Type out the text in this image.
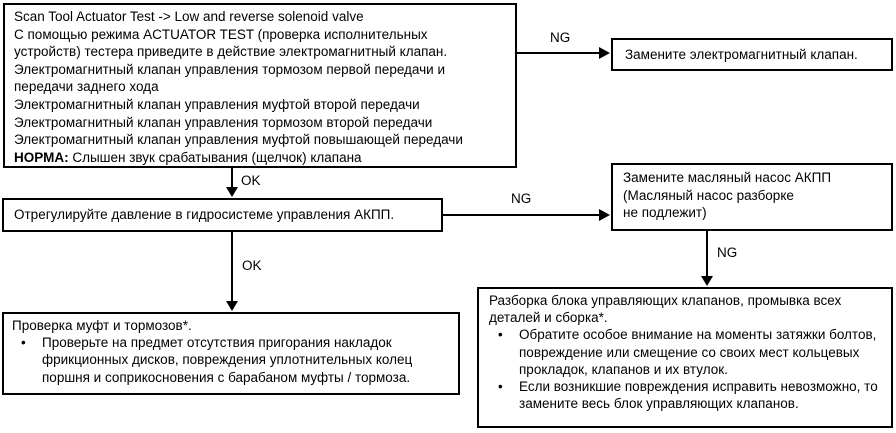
Scan Tool Actuator Test -> Low and reverse solenoid valve
С помощью режима ACTUATOR TEST (проверка исполнительных
устройств) тестера приведите в действие электромагнитный клапан.
Электромагнитный клапан управления тормозом первой передачи и
передачи заднего хода
Электромагнитный клапан управления муфтой второй передачи
Электромагнитный клапан управления тормозом второй передачи
Электромагнитный клапан управления муфтой повышающей передачи
НОРМА: Слышен звук срабатывания (щелчок) клапана
Замените электромагнитный клапан.
Отрегулируйте давление в гидросистеме управления АКПП.
Замените масляный насос АКПП
(Масляный насос разборке
не подлежит)
Проверка муфт и тормозов*.
•	Проверьте на предмет отсутствия пригорания накладок фрикционных дисков, повреждения уплотнительных колец поршня и соприкосновения с барабаном муфты / тормоза.
Разборка блока управляющих клапанов, промывка всех деталей и сборка*.
•	Обратите особое внимание на моменты затяжки болтов, повреждение или смещение со своих мест кольцевых прокладок, клапанов и их втулок.
•	Если возникшие повреждения исправить невозможно, то замените весь блок управляющих клапанов.
NG
OK
NG
OK
NG
